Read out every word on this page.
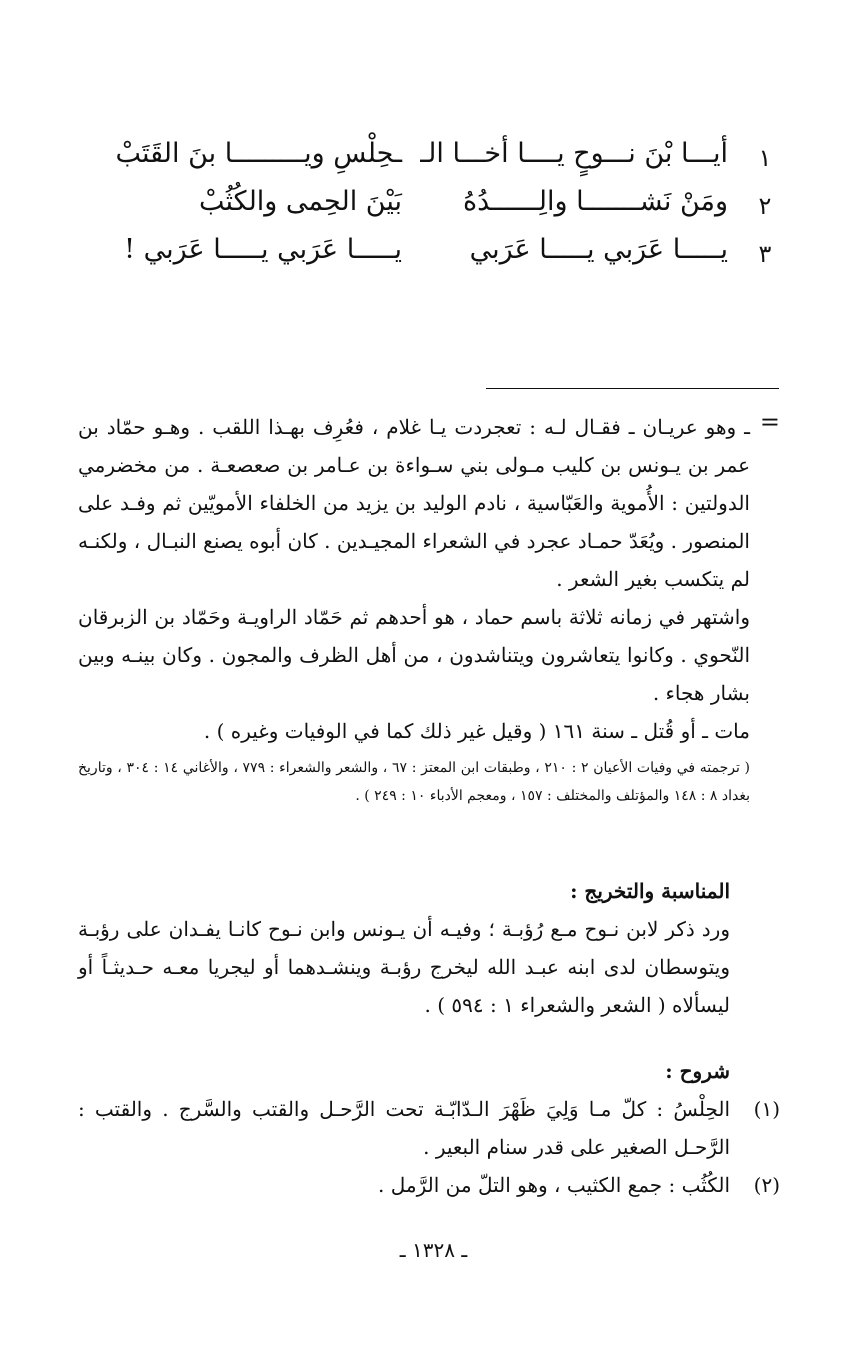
١
أيـــا بْنَ نـــوحٍ يــــا أخـــا الـ
ـحِلْسِ ويـــــــــا بنَ القَتَبْ
٢
ومَنْ نَشـــــــا والِــــــدُهُ
بَيْنَ الحِمى والكُثُبْ
٣
يـــــا عَرَبي يـــــا عَرَبي
يـــــا عَرَبي يـــــا عَرَبي !
=

ـ وهو عريـان ـ فقـال لـه : تعجردت يـا غلام ، فعُرِف بهـذا اللقب . وهـو حمّاد بن عمر بن يـونس بن كليب مـولى بني سـواءة بن عـامر بن صعصعـة . من مخضرمي الدولتين : الأُموية والعَبّاسية ، نادم الوليد بن يزيد من الخلفاء الأمويّين ثم وفـد على المنصور . ويُعَدّ حمـاد عجرد في الشعراء المجيـدين . كان أبوه يصنع النبـال ، ولكنـه لم يتكسب بغير الشعر .

واشتهر في زمانه ثلاثة باسم حماد ، هو أحدهم ثم حَمّاد الراويـة وحَمّاد بن الزبرقان النّحوي . وكانوا يتعاشرون ويتناشدون ، من أهل الظرف والمجون . وكان بينـه وبين بشار هجاء .

مات ـ أو قُتل ـ سنة ١٦١ ( وقيل غير ذلك كما في الوفيات وغيره ) .

( ترجمته في وفيات الأعيان ٢ : ٢١٠ ، وطبقات ابن المعتز : ٦٧ ، والشعر والشعراء : ٧٧٩ ، والأغاني ١٤ : ٣٠٤ ، وتاريخ بغداد ٨ : ١٤٨ والمؤتلف والمختلف : ١٥٧ ، ومعجم الأدباء ١٠ : ٢٤٩ ) .

المناسبة والتخريج :

ورد ذكر لابن نـوح مـع رُؤبـة ؛ وفيـه أن يـونس وابن نـوح كانـا يفـدان على رؤبـة ويتوسطان لدى ابنه عبـد الله ليخرج رؤبـة وينشـدهما أو ليجريا معـه حـديثـاً أو ليسألاه ( الشعر والشعراء ١ : ٥٩٤ ) .

شروح :

(١)

الحِلْسُ : كلّ مـا وَلِيَ ظَهْرَ الـدّابّـة تحت الرَّحـل والقتب والسَّرج . والقتب : الرَّحـل الصغير على قدر سنام البعير .

(٢)

الكُثُب : جمع الكثيب ، وهو التلّ من الرَّمل .

ـ ١٣٢٨ ـ
